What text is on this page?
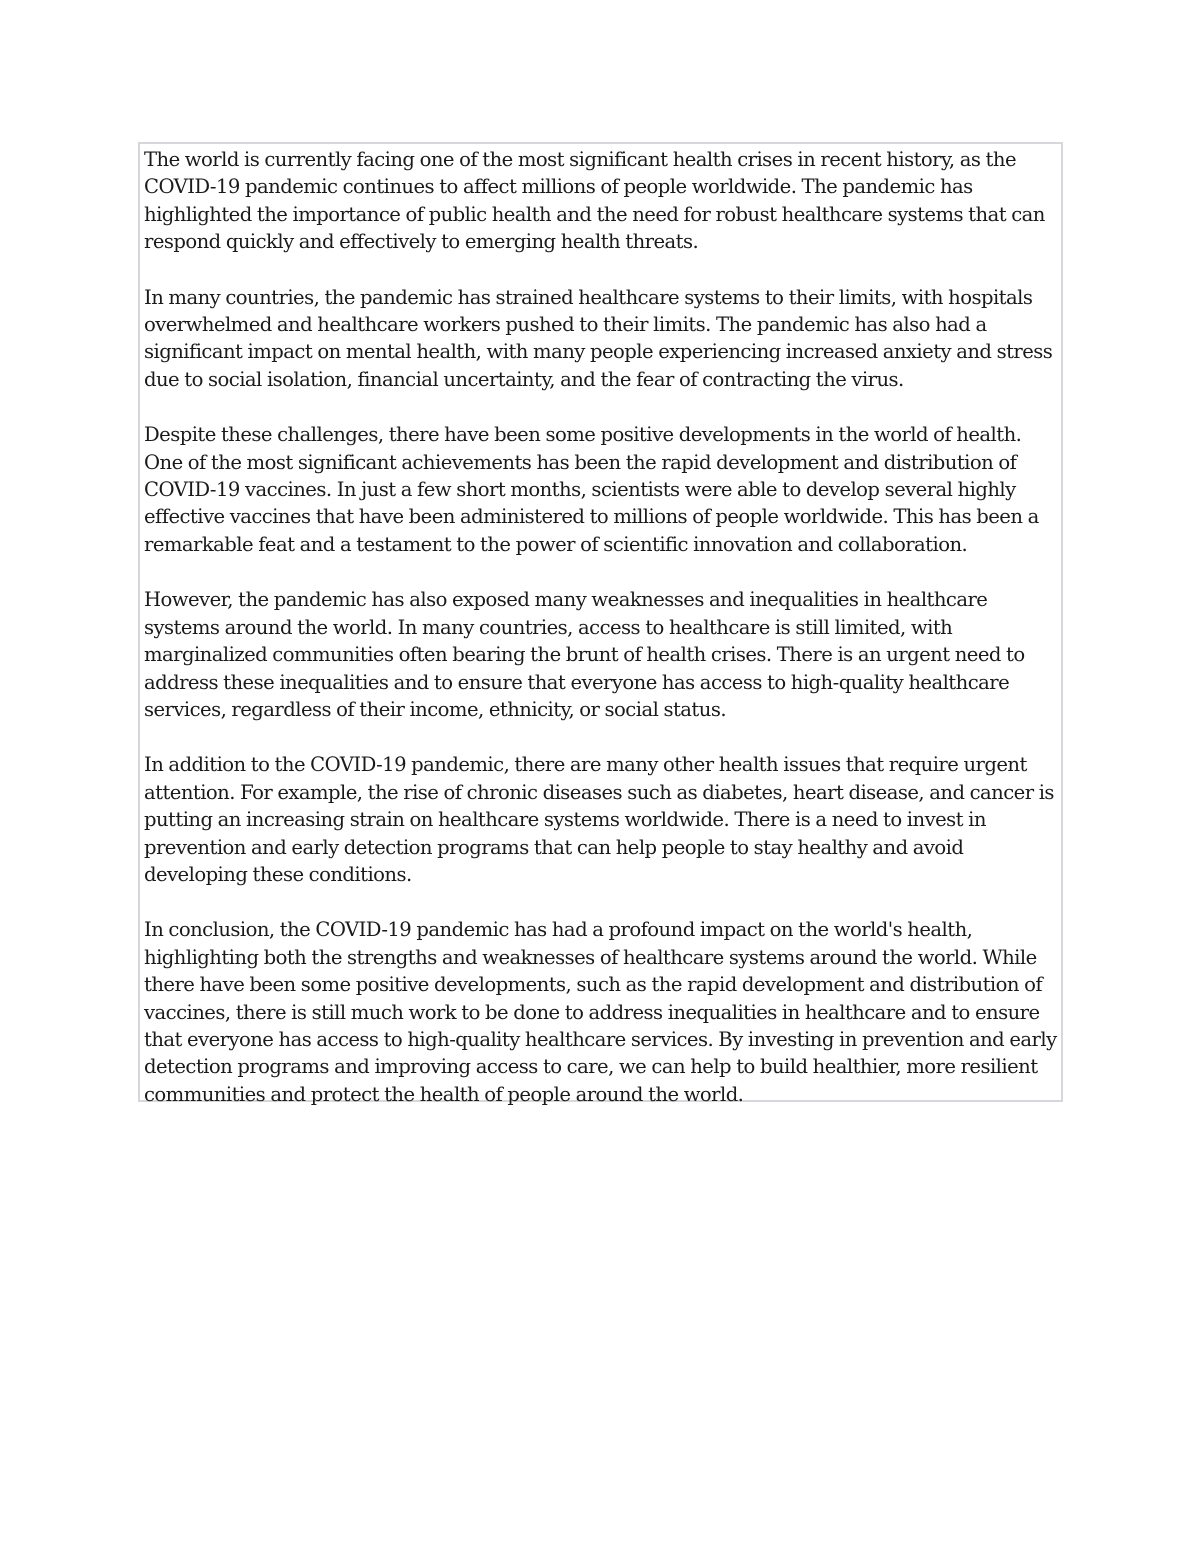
The world is currently facing one of the most significant health crises in recent history, as the
COVID-19 pandemic continues to affect millions of people worldwide. The pandemic has
highlighted the importance of public health and the need for robust healthcare systems that can
respond quickly and effectively to emerging health threats.

In many countries, the pandemic has strained healthcare systems to their limits, with hospitals
overwhelmed and healthcare workers pushed to their limits. The pandemic has also had a
significant impact on mental health, with many people experiencing increased anxiety and stress
due to social isolation, financial uncertainty, and the fear of contracting the virus.

Despite these challenges, there have been some positive developments in the world of health.
One of the most significant achievements has been the rapid development and distribution of
COVID-19 vaccines. In just a few short months, scientists were able to develop several highly
effective vaccines that have been administered to millions of people worldwide. This has been a
remarkable feat and a testament to the power of scientific innovation and collaboration.

However, the pandemic has also exposed many weaknesses and inequalities in healthcare
systems around the world. In many countries, access to healthcare is still limited, with
marginalized communities often bearing the brunt of health crises. There is an urgent need to
address these inequalities and to ensure that everyone has access to high-quality healthcare
services, regardless of their income, ethnicity, or social status.

In addition to the COVID-19 pandemic, there are many other health issues that require urgent
attention. For example, the rise of chronic diseases such as diabetes, heart disease, and cancer is
putting an increasing strain on healthcare systems worldwide. There is a need to invest in
prevention and early detection programs that can help people to stay healthy and avoid
developing these conditions.

In conclusion, the COVID-19 pandemic has had a profound impact on the world's health,
highlighting both the strengths and weaknesses of healthcare systems around the world. While
there have been some positive developments, such as the rapid development and distribution of
vaccines, there is still much work to be done to address inequalities in healthcare and to ensure
that everyone has access to high-quality healthcare services. By investing in prevention and early
detection programs and improving access to care, we can help to build healthier, more resilient
communities and protect the health of people around the world.
